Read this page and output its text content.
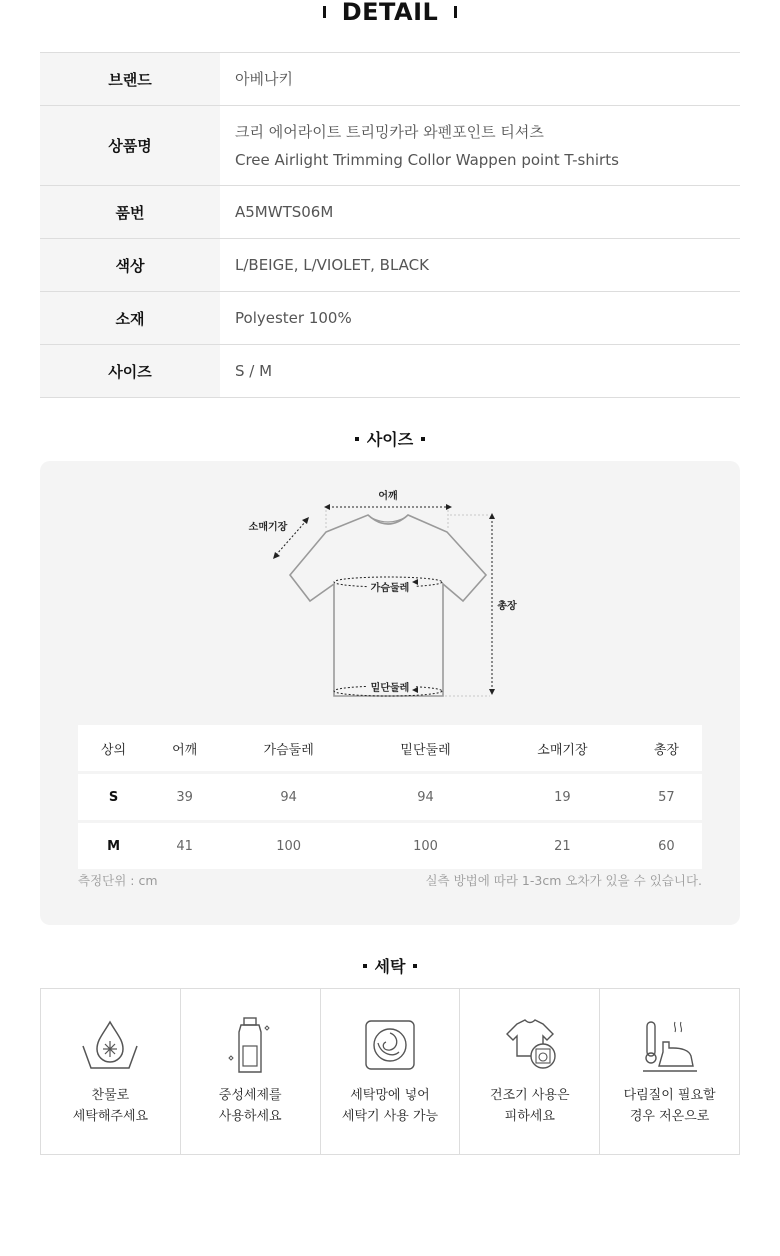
DETAIL
브랜드	아베나키
상품명
크리 에어라이트 트리밍카라 와펜포인트 티셔츠
Cree Airlight Trimming Collor Wappen point T-shirts
품번	A5MWTS06M
색상	L/BEIGE, L/VIOLET, BLACK
소재	Polyester 100%
사이즈	S / M
사이즈
어깨
소매기장
총장
가슴둘레
밑단둘레
상의	어깨	가슴둘레	밑단둘레	소매기장	총장
S	39	94	94	19	57
M	41	100	100	21	60
측정단위 : cm	실측 방법에 따라 1-3cm 오차가 있을 수 있습니다.
세탁
찬물로
세탁해주세요
중성세제를
사용하세요
세탁망에 넣어
세탁기 사용 가능
건조기 사용은
피하세요
다림질이 필요할
경우 저온으로
